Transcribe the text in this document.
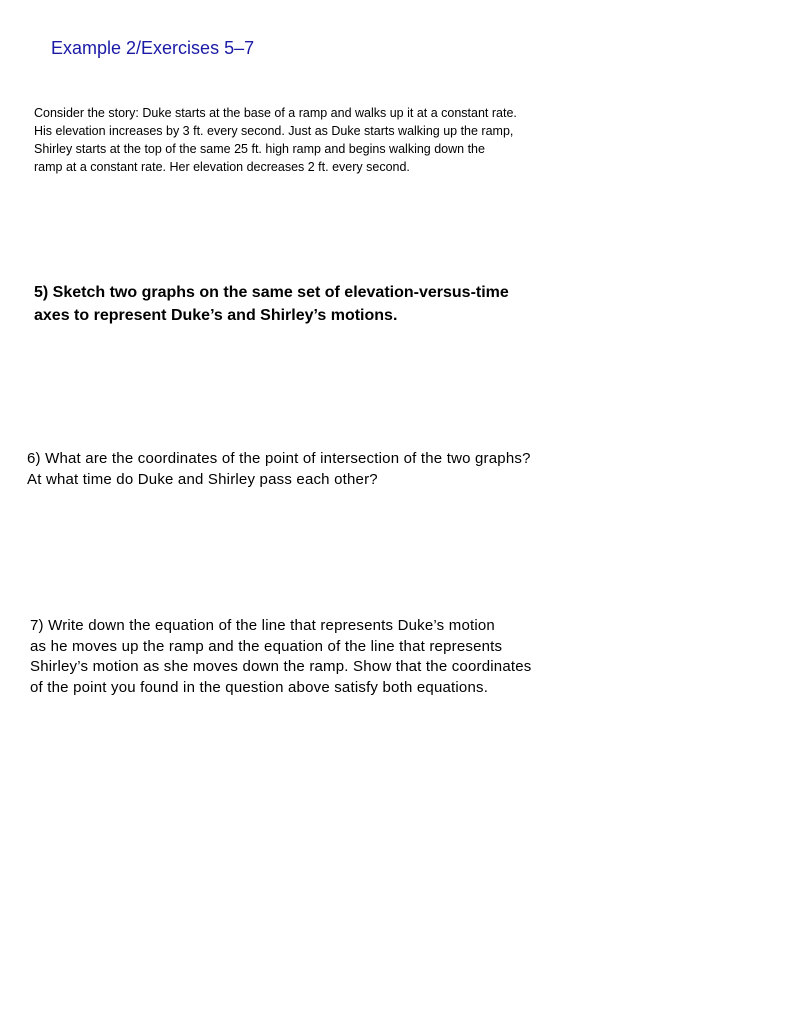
Example 2/Exercises 5–7
Consider the story: Duke starts at the base of a ramp and walks up it at a constant rate.
His elevation increases by 3 ft. every second. Just as Duke starts walking up the ramp,
Shirley starts at the top of the same 25 ft. high ramp and begins walking down the
ramp at a constant rate. Her elevation decreases 2 ft. every second.
5) Sketch two graphs on the same set of elevation-versus-time
axes to represent Duke’s and Shirley’s motions.
6) What are the coordinates of the point of intersection of the two graphs?
At what time do Duke and Shirley pass each other?
7) Write down the equation of the line that represents Duke’s motion
as he moves up the ramp and the equation of the line that represents
Shirley’s motion as she moves down the ramp. Show that the coordinates
of the point you found in the question above satisfy both equations.
